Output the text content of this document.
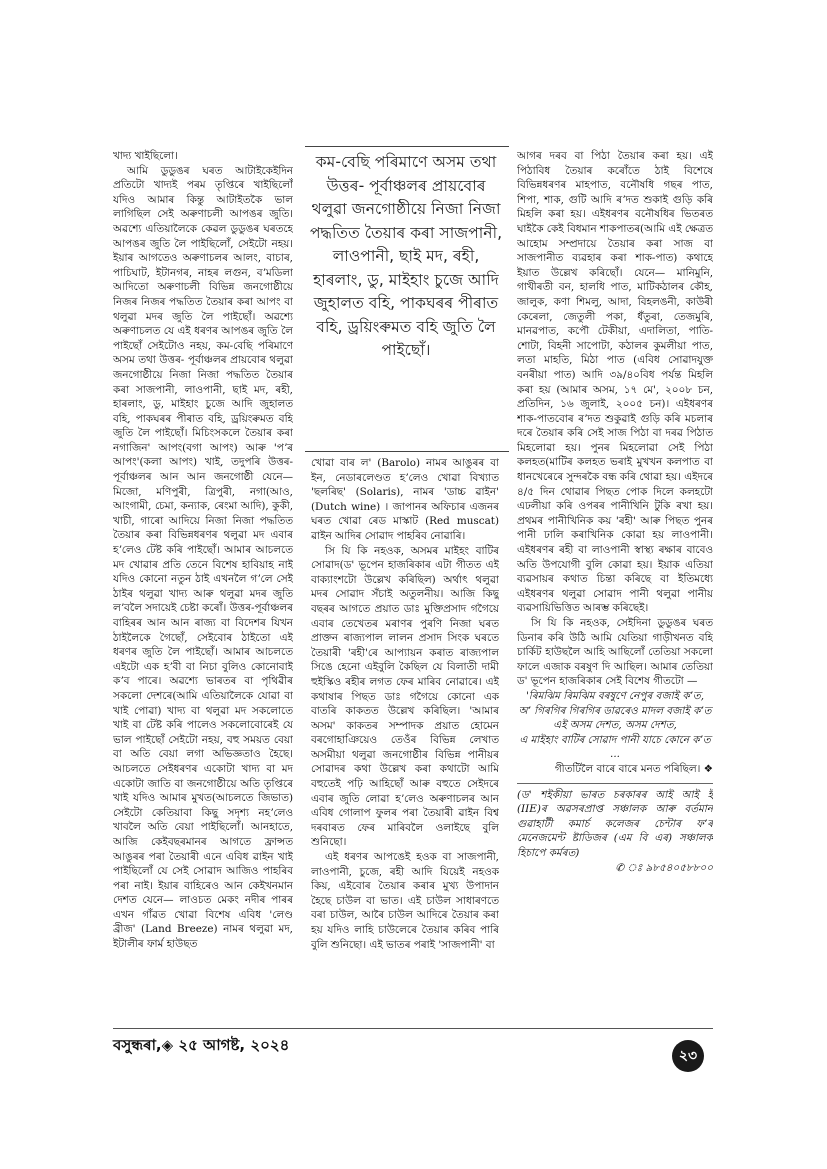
কম-বেছি পৰিমাণে অসম তথা উত্তৰ- পূৰ্বাঞ্চলৰ প্ৰায়বোৰ থলুৱা জনগোষ্ঠীয়ে নিজা নিজা পদ্ধতিত তৈয়াৰ কৰা সাজপানী, লাওপানী, ছাই মদ, ৰহী, হাৰলাং, ডু, মাইহাং চুজে আদি জুহালত বহি, পাকঘৰৰ পীৰাত বহি, ড্ৰয়িংৰুমত বহি জুতি লৈ পাইছোঁ।

খাদ্য খাইছিলো।

আমি ডুডুঙৰ ঘৰত আটাইকেইদিন প্ৰতিটো খাদ্যই পৰম তৃপ্তিৰে খাইছিলোঁ যদিও আমাৰ কিন্তু আটাইতকৈ ভাল লাগিছিল সেই অৰুণাচলী আপঙৰ জুতি। অৱশ্যে এতিয়ালৈকে কেৱল ডুডুঙৰ ঘৰতহে আপঙৰ জুতি লৈ পাইছিলোঁ, সেইটো নহয়। ইয়াৰ আগতেও অৰুণাচলৰ আলং, বাচাৰ, পাচিঘাট, ইটানগৰ, নাহৰ লগুন, বʼমডিলা আদিতো অৰুণাচলী বিভিন্ন জনগোষ্ঠীয়ে নিজৰ নিজৰ পদ্ধতিত তৈয়াৰ কৰা আপং বা থলুৱা মদৰ জুতি লৈ পাইছোঁ। অৱশ্যে অৰুণাচলত যে এই ধৰণৰ আপঙৰ জুতি লৈ পাইছোঁ সেইটোও নহয়, কম-বেছি পৰিমাণে অসম তথা উত্তৰ- পূৰ্বাঞ্চলৰ প্ৰায়বোৰ থলুৱা জনগোষ্ঠীয়ে নিজা নিজা পদ্ধতিত তৈয়াৰ কৰা সাজপানী, লাওপানী, ছাই মদ, ৰহী, হাৰলাং, ডু, মাইহাং চুজে আদি জুহালত বহি, পাকঘৰৰ পীৰাত বহি, ড্ৰয়িংৰুমত বহি জুতি লৈ পাইছোঁ। মিচিংসকলে তৈয়াৰ কৰা নগাজিন' আপং(বগা আপং) আৰু 'পʼৰ আপং'(কলা আপং) খাই, তদুপৰি উত্তৰ-পূৰ্বাঞ্চলৰ আন আন জনগোষ্ঠী যেনে— মিজো, মণিপুৰী, ত্ৰিপুৰী, নগা(আও, আংগামী, চেমা, কন্যাক, ৰেংমা আদি), কুকী, খাচী, গাৰো আদিয়ে নিজা নিজা পদ্ধতিত তৈয়াৰ কৰা বিভিন্নধৰণৰ থলুৱা মদ এবাৰ হʼলেও টেষ্ট কৰি পাইছোঁ। আমাৰ আচলতে মদ খোৱাৰ প্ৰতি তেনে বিশেষ হাবিয়াহ নাই যদিও কোনো নতুন ঠাই এখনলৈ গʼলে সেই ঠাইৰ থলুৱা খাদ্য আৰু থলুৱা মদৰ জুতি লʼবলৈ সদায়েই চেষ্টা কৰোঁ। উত্তৰ-পূৰ্বাঞ্চলৰ বাহিৰৰ আন আন ৰাজ্য বা বিদেশৰ যিখন ঠাইলৈকে গৈছোঁ, সেইবোৰ ঠাইতো এই ধৰণৰ জুতি লৈ পাইছোঁ। আমাৰ আচলতে এইটো এক হʼবী বা নিচা বুলিও কোনোবাই কʼব পাৰে। অৱশ্যে ভাৰতৰ বা পৃথিৱীৰ সকলো দেশৰে(আমি এতিয়ালৈকে যোৱা বা খাই পোৱা) খাদ্য বা থলুৱা মদ সকলোতে খাই বা টেষ্ট কৰি পালেও সকলোবোৰেই যে ভাল পাইছোঁ সেইটো নহয়, বহু সময়ত বেয়া বা অতি বেয়া লগা অভিজ্ঞতাও হৈছে। আচলতে সেইধৰণৰ একোটা খাদ্য বা মদ একোটা জাতি বা জনগোষ্ঠীয়ে অতি তৃপ্তিৰে খাই যদিও আমাৰ মুখত(আচলতে জিভাত) সেইটো কেতিয়াবা কিছু সদৃশ্য নহʼলেও খাবলৈ অতি বেয়া পাইছিলোঁ। আনহাতে, আজি কেইবছৰমানৰ আগতে ফ্ৰান্সত আঙুৰৰ পৰা তৈয়াৰী এনে এবিধ ৱাইন খাই পাইছিলোঁ যে সেই সোৱাদ আজিও পাহৰিব পৰা নাই। ইয়াৰ বাহিৰেও আন কেইখনমান দেশত যেনে— লাওচত মেকং নদীৰ পাৰৰ এখন গাঁৱত খোৱা বিশেষ এবিধ 'লেণ্ড ব্ৰীজ' (Land Breeze) নামৰ থলুৱা মদ, ইটালীৰ ফাৰ্ম হাউছত

খোৱা বাৰ ল' (Barolo) নামৰ আঙুৰৰ বা ইন, নেডাৰলেণ্ডত হʼলেও খোৱা বিখ্যাত 'ছলৰিছ' (Solaris), নামৰ 'ডাচ্চ ৱাইন' (Dutch wine) । জাপানৰ অফিচাৰ এজনৰ ঘৰত খোৱা ৰেড মাস্কাট (Red muscat) ৱাইন আদিৰ সোৱাদ পাহৰিব নোৱাৰি।

সি যি কি নহওক, অসমৰ মাইহং বাটিৰ সোৱাদ(ড' ভূপেন হাজৰিকাৰ এটা গীতত এই বাক্যাংশটো উল্লেখ কৰিছিল) অৰ্থাৎ থলুৱা মদৰ সোৱাদ সঁচাই অতুলনীয়। আজি কিছু বছৰৰ আগতে প্ৰয়াত ডাঃ মুক্তিপ্ৰসাদ গগৈয়ে এবাৰ তেখেতৰ মৰাণৰ পুৰণি নিজা ঘৰত প্ৰাক্তন ৰাজ্যপাল লালন প্ৰসাদ সিংক ঘৰতে তৈয়াৰী 'ৰহী'ৰে আপ্যায়ন কৰাত ৰাজ্যপাল সিঙে হেনো এইবুলি কৈছিল যে বিলাতী দামী হুইস্কিও ৰহীৰ লগত ফেৰ মাৰিব নোৱাৰে। এই কথাষাৰ পিছত ডাঃ গগৈয়ে কোনো এক বাতৰি কাকতত উল্লেখ কৰিছিল। 'আমাৰ অসম' কাকতৰ সম্পাদক প্ৰয়াত হোমেন বৰগোহাঞিয়েও তেওঁৰ বিভিন্ন লেখাত অসমীয়া থলুৱা জনগোষ্ঠীৰ বিভিন্ন পানীয়ৰ সোৱাদৰ কথা উল্লেখ কৰা কথাটো আমি বহুতেই পঢ়ি আহিছোঁ আৰু বহুতে সেইদৰে এবাৰ জুতি লোৱা হʼলেও অৰুণাচলৰ আন এবিধ গোলাপ ফুলৰ পৰা তৈয়াৰী ৱাইন বিশ্ব দৰবাৰত ফেৰ মাৰিবলৈ ওলাইছে বুলি শুনিছো।

এই ধৰণৰ আপঙেই হওক বা সাজপানী, লাওপানী, চুজে, ৰহী আদি যিয়েই নহওক কিয়, এইবোৰ তৈয়াৰ কৰাৰ মুখ্য উপাদান হৈছে চাউল বা ভাত। এই চাউল সাধাৰণতে বৰা চাউল, আৰৈ চাউল আদিৰে তৈয়াৰ কৰা হয় যদিও লাহি চাউলেৰে তৈয়াৰ কৰিব পাৰি বুলি শুনিছো। এই ভাতৰ পৰাই 'সাজপানী' বা

আগৰ দৰব বা পিঠা তৈয়াৰ কৰা হয়। এই পিঠাবিধ তৈয়াৰ কৰোঁতে ঠাই বিশেষে বিভিন্নধৰণৰ মাহপাত, বনৌষধি গছৰ পাত, শিপা, শাক, গুটি আদি ৰʼদত শুকাই গুড়ি কৰি মিহলি কৰা হয়। এইধৰণৰ বনৌষধিৰ ভিতৰত ঘাইকৈ কেই বিধমান শাকপাতৰ(আমি এই ক্ষেত্ৰত আহোম সম্প্ৰদায়ে তৈয়াৰ কৰা সাজ বা সাজপানীত ব্যৱহাৰ কৰা শাক-পাত) কথাহে ইয়াত উল্লেখ কৰিছোঁ। যেনে— মানিমুনি, গাখীৰতী বন, হালধি পাত, মাটিকঠালৰ কৌহ, জালুক, কণা শিমলু, আদা, বিহলঙনী, কাউৰী কেৰেলা, জেতুলী পকা, ধঁতুৰা, তেজমুৰি, মানৱপাত, কপৌ টেকীয়া, এদালিতা, পাতি-শোটা, বিহনী সাপোটা, কঠালৰ কুমলীয়া পাত, লতা মাহতি, মিঠা পাত (এবিধ সোৱাদযুক্ত বনৰীয়া পাত) আদি ৩৯/৪০বিধ পৰ্যন্ত মিহলি কৰা হয় (আমাৰ অসম, ১৭ মে', ২০০৮ চন, প্ৰতিদিন, ১৬ জুলাই, ২০০৫ চন)। এইধৰণৰ শাক-পাতবোৰ ৰʼদত শুকুৱাই গুড়ি কৰি মচলাৰ দৰে তৈয়াৰ কৰি সেই সাজ পিঠা বা দৰৱ পিঠাত মিহলোৱা হয়। পুনৰ মিহলোৱা সেই পিঠা কলহত(মাটিৰ কলহত ভৰাই মুখখন কলপাত বা ধানখেৰেৰে সুন্দৰকৈ বন্ধ কৰি থোৱা হয়। এইদৰে ৪/৫ দিন থোৱাৰ পিছত পোক দিলে কলহটো এঢলীয়া কৰি ওপৰৰ পানীখিনি টুকি ৰখা হয়। প্ৰথমৰ পানীখিনিক কয় 'ৰহী' আৰু পিছত পুনৰ পানী ঢালি কৰাখিনিক কোৱা হয় লাওপানী। এইধৰণৰ ৰহী বা লাওপানী স্বাস্থ্য ৰক্ষাৰ বাবেও অতি উপযোগী বুলি কোৱা হয়। ইয়াক এতিয়া ব্যৱসায়ৰ কথাত চিন্তা কৰিছে বা ইতিমধ্যে এইধৰণৰ থলুৱা সোৱাদ পানী থলুৱা পানীয় ব্যৱসায়িভিত্তিত আৰম্ভ কৰিছেই।

সি যি কি নহওক, সেইদিনা ডুডুঙৰ ঘৰত ডিনাৰ কৰি উঠি আমি যেতিয়া গাড়ীখনত বহি চাৰ্কিট হাউছলৈ আহি আছিলোঁ তেতিয়া সকলো ফালে এজাক বৰষুণ দি আছিল। আমাৰ তেতিয়া ড' ভূপেন হাজৰিকাৰ সেই বিশেষ গীতটো —

'ৰিমঝিম ৰিমঝিম বৰষুণে নেপুৰ বজাই কʼত,
অʼ গিৰগিৰ গিৰগিৰ ডাৱৰেও মাদল বজাই কʼত
এই অসম দেশত, অসম দেশত,
এ মাইহাং বাটিৰ সোৱাদ পানী যাচে কোনে কʼত ...

গীতটিলৈ বাৰে বাৰে মনত পৰিছিল। ❖

(ড' শইকীয়া ভাৰত চৰকাৰৰ আই আই ই (IIE)ৰ অৱসৰপ্ৰাপ্ত সঞ্চালক আৰু বৰ্তমান গুৱাহাটী কমাৰ্চ কলেজৰ চেন্টাৰ ফʼৰ মেনেজমেন্ট ষ্টাডিজৰ (এম বি এৰ) সঞ্চালক হিচাপে কৰ্মৰত)

✆ ঃ ৯৮৫৪০৫৮৮০০
বসুন্ধৰা,◈ ২৫ আগষ্ট, ২০২৪
২৩
